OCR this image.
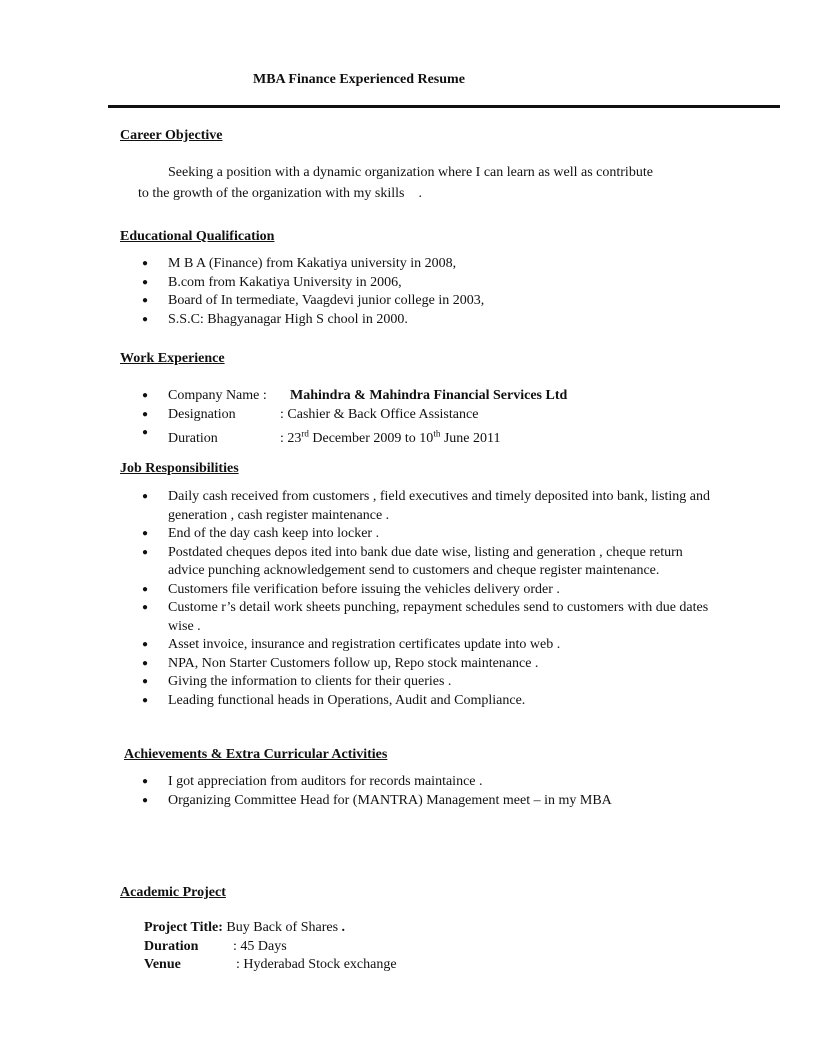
MBA Finance Experienced Resume
Career Objective
Seeking a position with a dynamic organization where I can learn as well as contribute
to the growth of the organization with my skills    .
Educational Qualification
● M B A (Finance) from Kakatiya university in 2008,
● B.com from Kakatiya University in 2006,
● Board of In termediate, Vaagdevi junior college in 2003,
● S.S.C: Bhagyanagar High S chool in 2000.
Work Experience
● Company Name : Mahindra & Mahindra Financial Services Ltd
● Designation	: Cashier & Back Office Assistance
● Duration	: 23rd December 2009 to 10th June 2011
Job Responsibilities
● Daily cash received from customers , field executives and timely deposited into bank, listing and generation , cash register maintenance .
● End of the day cash keep into locker .
● Postdated cheques depos ited into bank due date wise, listing and generation , cheque return advice punching acknowledgement send to customers and cheque register maintenance.
● Customers file verification before issuing the vehicles delivery order .
● Custome r’s detail work sheets punching, repayment schedules send to customers with due dates wise .
● Asset invoice, insurance and registration certificates update into web .
● NPA, Non Starter Customers follow up, Repo stock maintenance .
● Giving the information to clients for their queries .
● Leading functional heads in Operations, Audit and Compliance.
Achievements & Extra Curricular Activities
● I got appreciation from auditors for records maintaince .
● Organizing Committee Head for (MANTRA) Management meet – in my MBA
Academic Project
Project Title: Buy Back of Shares .
Duration : 45 Days
Venue	: Hyderabad Stock exchange
